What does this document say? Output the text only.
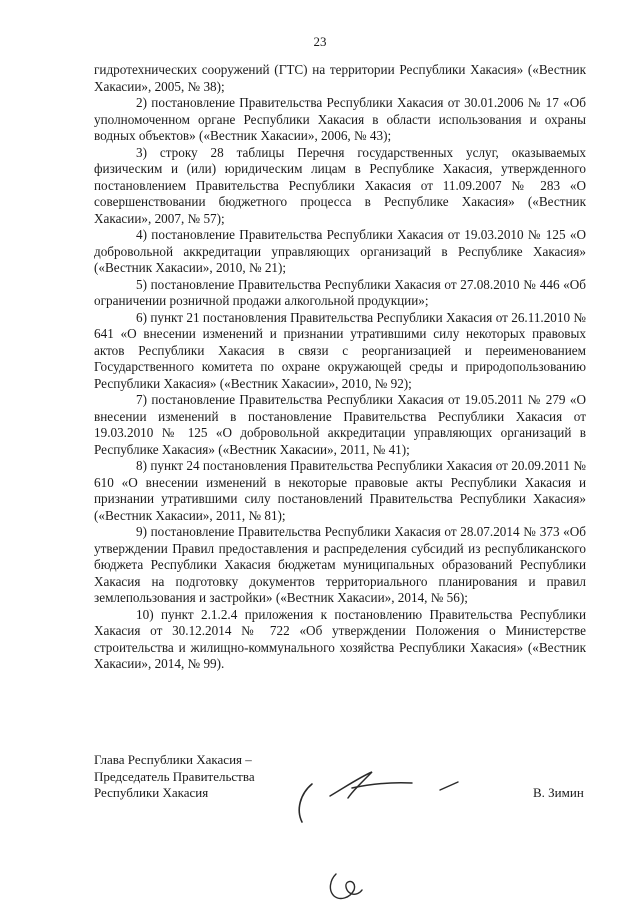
23

гидротехнических сооружений (ГТС) на территории Республики Хакасия» («Вестник Хакасии», 2005, № 38);

2) постановление Правительства Республики Хакасия от 30.01.2006 № 17 «Об уполномоченном органе Республики Хакасия в области использования и охраны водных объектов» («Вестник Хакасии», 2006, № 43);

3) строку 28 таблицы Перечня государственных услуг, оказываемых физическим и (или) юридическим лицам в Республике Хакасия, утвержденного постановлением Правительства Республики Хакасия от 11.09.2007 № 283 «О совершенствовании бюджетного процесса в Республике Хакасия» («Вестник Хакасии», 2007, № 57);

4) постановление Правительства Республики Хакасия от 19.03.2010 № 125 «О добровольной аккредитации управляющих организаций в Республике Хакасия» («Вестник Хакасии», 2010, № 21);

5) постановление Правительства Республики Хакасия от 27.08.2010 № 446 «Об ограничении розничной продажи алкогольной продукции»;

6) пункт 21 постановления Правительства Республики Хакасия от 26.11.2010 № 641 «О внесении изменений и признании утратившими силу некоторых правовых актов Республики Хакасия в связи с реорганизацией и переименованием Государственного комитета по охране окружающей среды и природопользованию Республики Хакасия» («Вестник Хакасии», 2010, № 92);

7) постановление Правительства Республики Хакасия от 19.05.2011 № 279 «О внесении изменений в постановление Правительства Республики Хакасия от 19.03.2010 № 125 «О добровольной аккредитации управляющих организаций в Республике Хакасия» («Вестник Хакасии», 2011, № 41);

8) пункт 24 постановления Правительства Республики Хакасия от 20.09.2011 № 610 «О внесении изменений в некоторые правовые акты Республики Хакасия и признании утратившими силу постановлений Правительства Республики Хакасия» («Вестник Хакасии», 2011, № 81);

9) постановление Правительства Республики Хакасия от 28.07.2014 № 373 «Об утверждении Правил предоставления и распределения субсидий из республиканского бюджета Республики Хакасия бюджетам муниципальных образований Республики Хакасия на подготовку документов территориального планирования и правил землепользования и застройки» («Вестник Хакасии», 2014, № 56);

10) пункт 2.1.2.4 приложения к постановлению Правительства Республики Хакасия от 30.12.2014 № 722 «Об утверждении Положения о Министерстве строительства и жилищно-коммунального хозяйства Республики Хакасия» («Вестник Хакасии», 2014, № 99).

Глава Республики Хакасия –
Председатель Правительства
Республики Хакасия	В. Зимин
